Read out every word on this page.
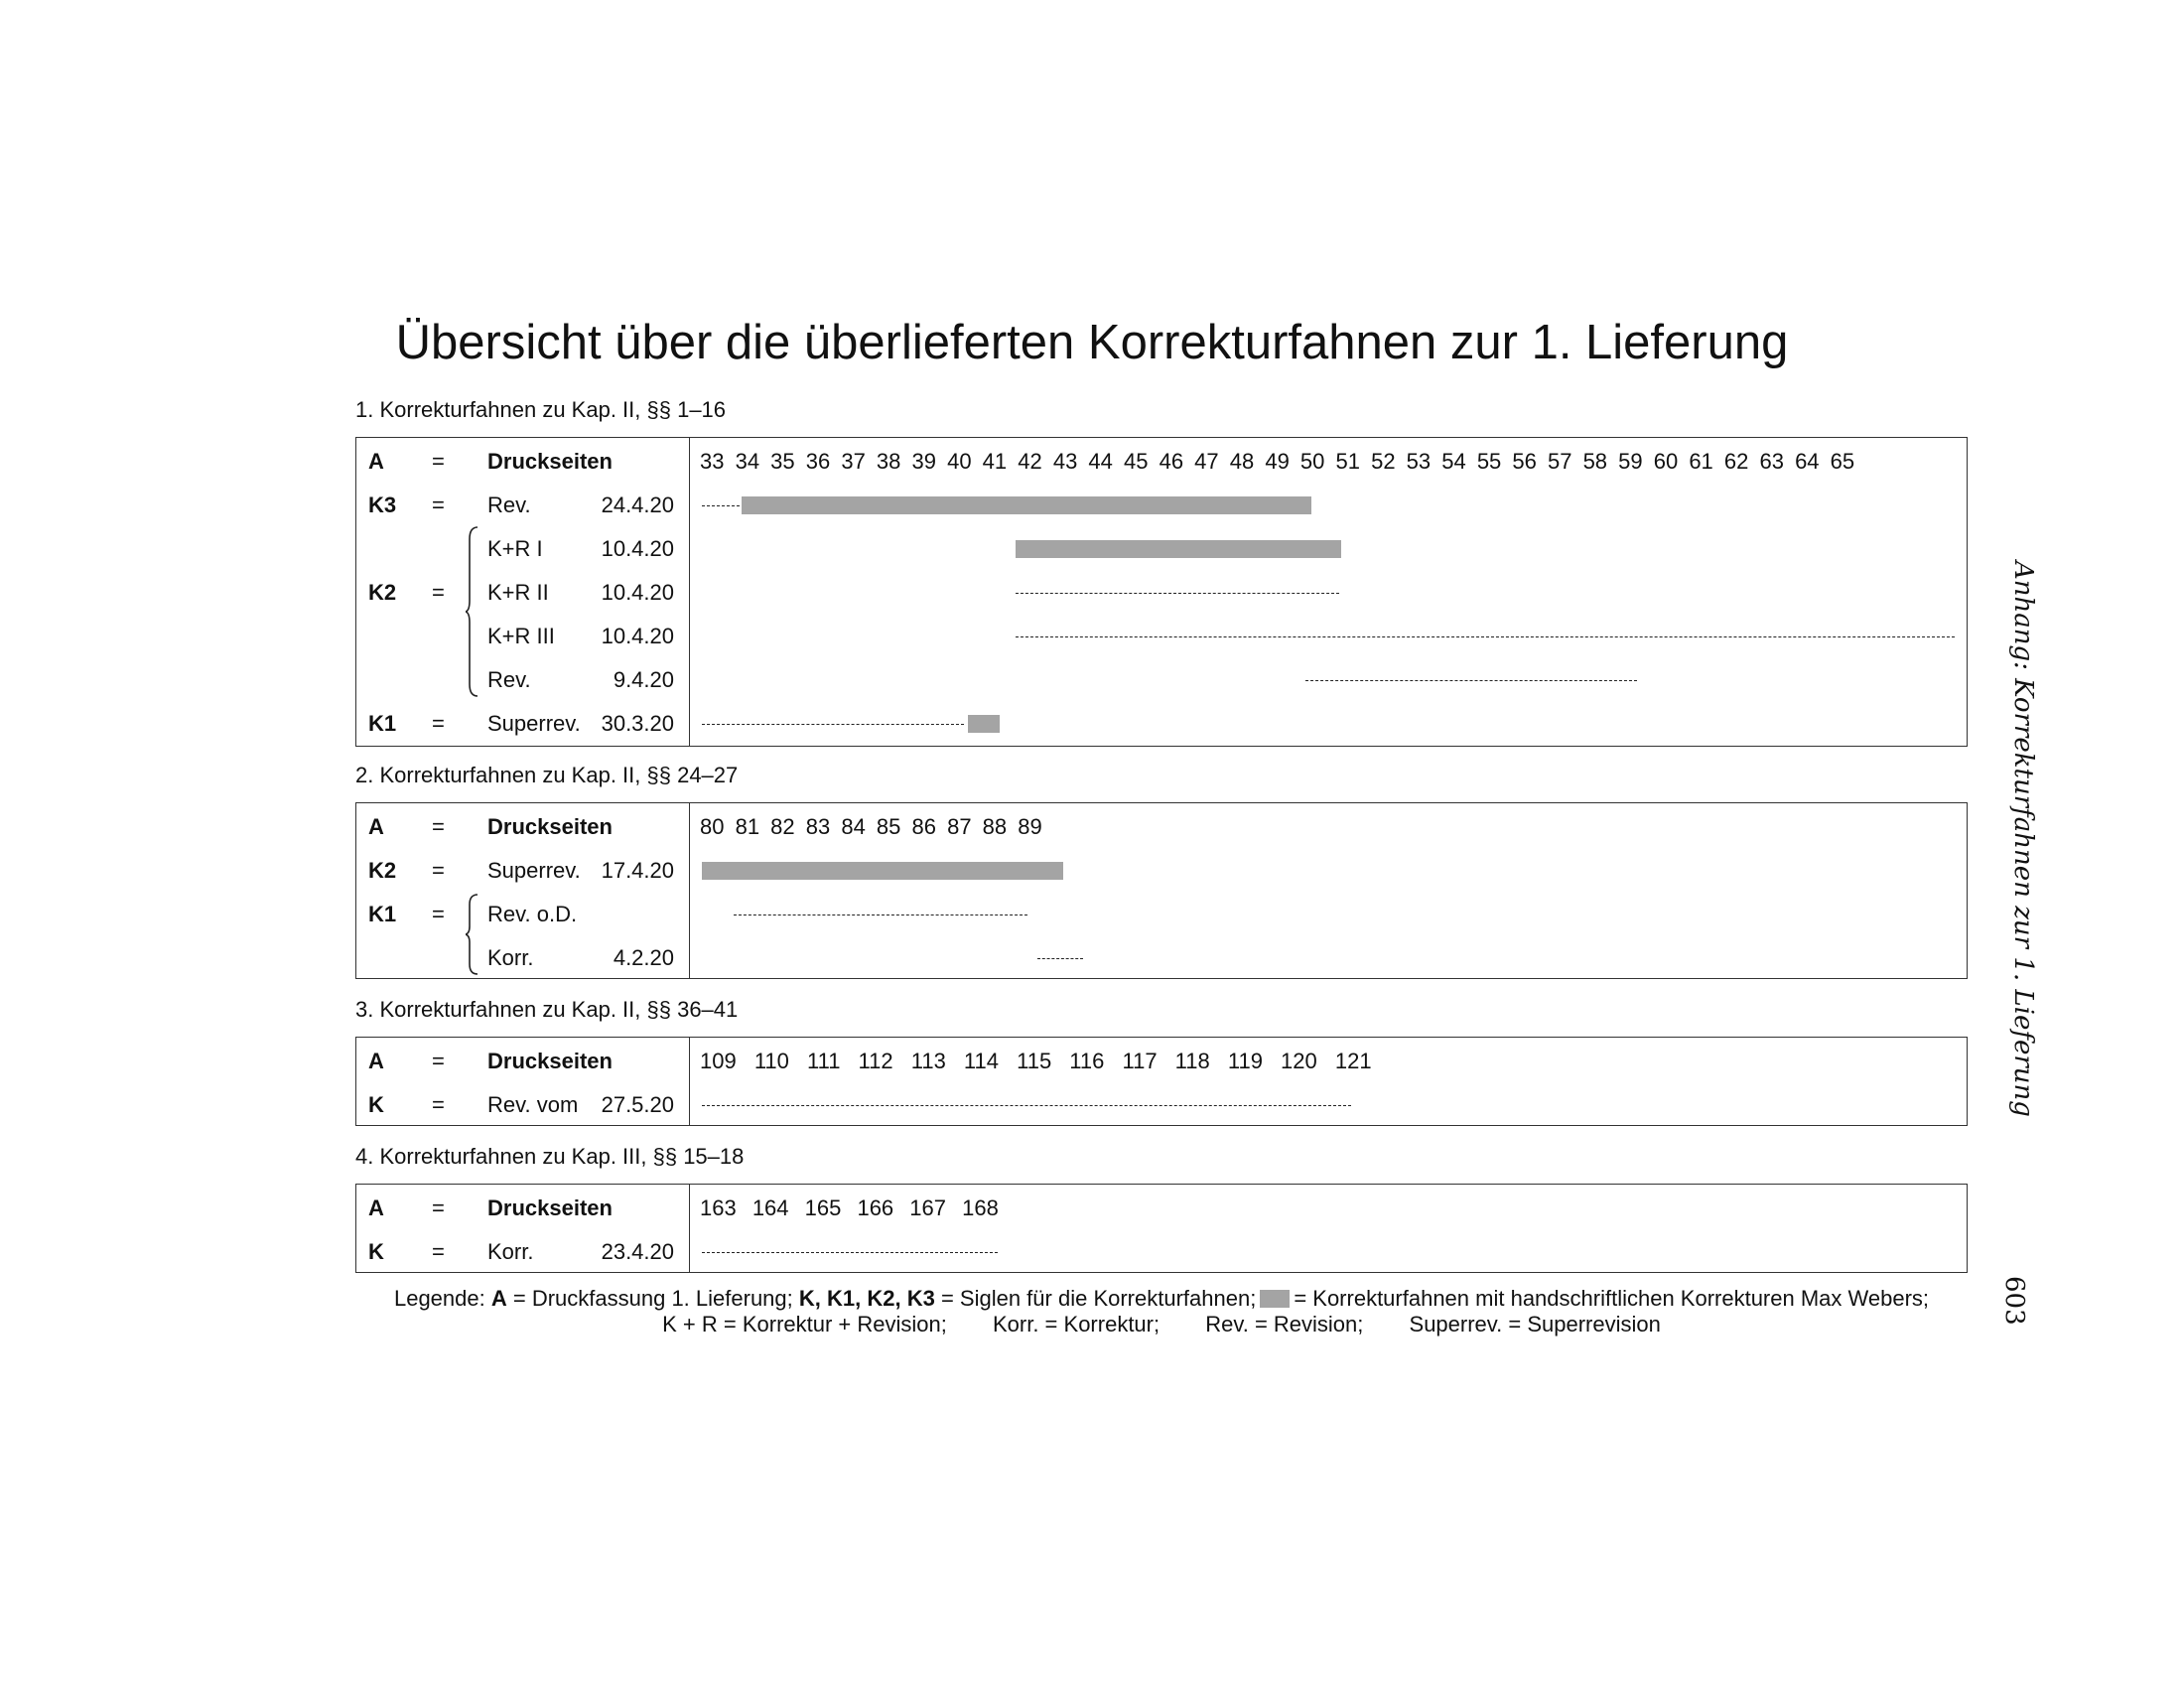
Übersicht über die überlieferten Korrekturfahnen zur 1. Lieferung
1. Korrekturfahnen zu Kap. II, §§ 1–16
A = Druckseiten	33 34 35 36 37 38 39 40 41 42 43 44 45 46 47 48 49 50 51 52 53 54 55 56 57 58 59 60 61 62 63 64 65
K3 = Rev.	24.4.20
K+R I	10.4.20
K2 = K+R II 10.4.20
K+R III 10.4.20
Rev.	9.4.20
K1 = Superrev. 30.3.20
2. Korrekturfahnen zu Kap. II, §§ 24–27
A = Druckseiten	80 81 82 83 84 85 86 87 88 89
K2 = Superrev. 17.4.20
K1 = Rev. o.D.
Korr.	4.2.20
3. Korrekturfahnen zu Kap. II, §§ 36–41
A = Druckseiten	109 110 111 112 113 114 115 116 117 118 119 120 121
K = Rev. vom 27.5.20
4. Korrekturfahnen zu Kap. III, §§ 15–18
A = Druckseiten	163 164 165 166 167 168
K = Korr.	23.4.20
Legende: A = Druckfassung 1. Lieferung; K, K1, K2, K3 = Siglen für die Korrekturfahnen; = Korrekturfahnen mit handschriftlichen Korrekturen Max Webers;
K + R = Korrektur + Revision; Korr. = Korrektur; Rev. = Revision; Superrev. = Superrevision
Anhang: Korrekturfahnen zur 1. Lieferung
603
